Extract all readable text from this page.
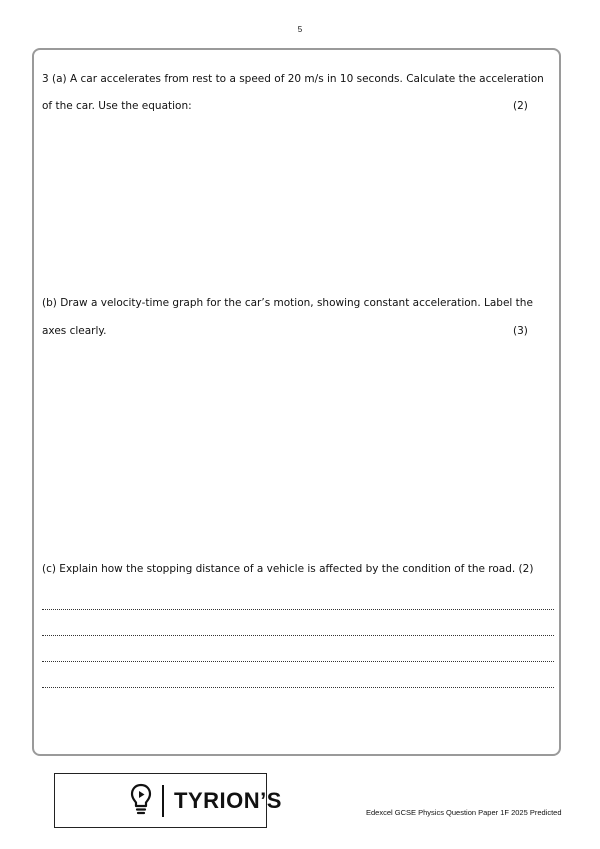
5
3 (a) A car accelerates from rest to a speed of 20 m/s in 10 seconds. Calculate the acceleration
of the car. Use the equation:	(2)
(b) Draw a velocity-time graph for the car’s motion, showing constant acceleration. Label the
axes clearly.	(3)
(c) Explain how the stopping distance of a vehicle is affected by the condition of the road. (2)
TYRION’S	Edexcel GCSE Physics Question Paper 1F 2025 Predicted
